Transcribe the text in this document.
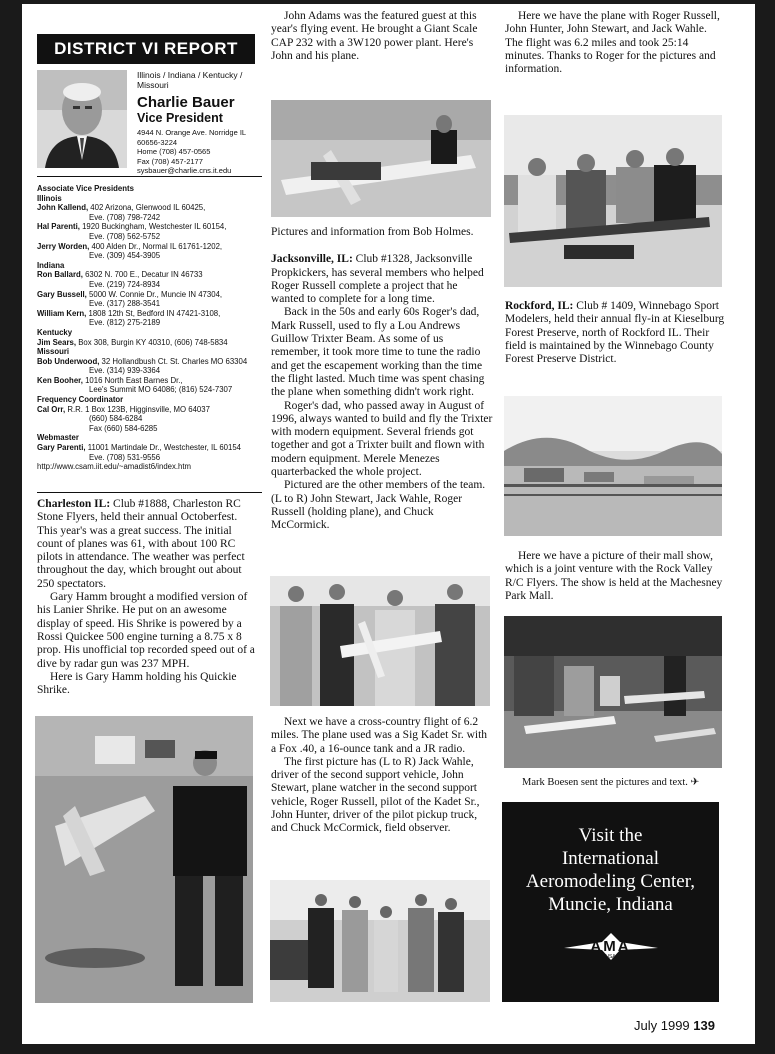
DISTRICT VI REPORT
Illinois / Indiana / Kentucky / Missouri
Charlie Bauer
Vice President
4944 N. Orange Ave. Norridge IL
60656-3224
Home (708) 457-0565
Fax (708) 457-2177
sysbauer@charlie.cns.it.edu
Associate Vice Presidents
Illinois
John Kallend, 402 Arizona, Glenwood IL 60425,
Eve. (708) 798-7242
Hal Parenti, 1920 Buckingham, Westchester IL 60154,
Eve. (708) 562-5752
Jerry Worden, 400 Alden Dr., Normal IL 61761-1202,
Eve. (309) 454-3905
Indiana
Ron Ballard, 6302 N. 700 E., Decatur IN 46733
Eve. (219) 724-8934
Gary Bussell, 5000 W. Connie Dr., Muncie IN 47304,
Eve. (317) 288-3541
William Kern, 1808 12th St, Bedford IN 47421-3108,
Eve. (812) 275-2189
Kentucky
Jim Sears, Box 308, Burgin KY 40310, (606) 748-5834
Missouri
Bob Underwood, 32 Hollandbush Ct. St. Charles MO 63304
Eve. (314) 939-3364
Ken Booher, 1016 North East Barnes Dr.,
Lee's Summit MO 64086; (816) 524-7307
Frequency Coordinator
Cal Orr, R.R. 1 Box 123B, Higginsville, MO 64037
(660) 584-6284
Fax (660) 584-6285
Webmaster
Gary Parenti, 11001 Martindale Dr., Westchester, IL 60154
Eve. (708) 531-9556
http://www.csam.iit.edu/~amadist6/index.htm

Charleston IL: Club #1888, Charleston RC Stone Flyers, held their annual Octoberfest. This year's was a great success. The initial count of planes was 61, with about 100 RC pilots in attendance. The weather was perfect throughout the day, which brought out about 250 spectators.

Gary Hamm brought a modified version of his Lanier Shrike. He put on an awesome display of speed. His Shrike is powered by a Rossi Quickee 500 engine turning a 8.75 x 8 prop. His unofficial top recorded speed out of a dive by radar gun was 237 MPH.

Here is Gary Hamm holding his Quickie Shrike.

John Adams was the featured guest at this year's flying event. He brought a Giant Scale CAP 232 with a 3W120 power plant. Here's John and his plane.

Pictures and information from Bob Holmes.

Jacksonville, IL: Club #1328, Jacksonville Propkickers, has several members who helped Roger Russell complete a project that he wanted to complete for a long time.

Back in the 50s and early 60s Roger's dad, Mark Russell, used to fly a Lou Andrews Guillow Trixter Beam. As some of us remember, it took more time to tune the radio and get the escapement working than the time the flight lasted. Much time was spent chasing the plane when something didn't work right.

Roger's dad, who passed away in August of 1996, always wanted to build and fly the Trixter with modern equipment. Several friends got together and got a Trixter built and flown with modern equipment. Merele Menezes quarterbacked the whole project.

Pictured are the other members of the team. (L to R) John Stewart, Jack Wahle, Roger Russell (holding plane), and Chuck McCormick.

Next we have a cross-country flight of 6.2 miles. The plane used was a Sig Kadet Sr. with a Fox .40, a 16-ounce tank and a JR radio.

The first picture has (L to R) Jack Wahle, driver of the second support vehicle, John Stewart, plane watcher in the second support vehicle, Roger Russell, pilot of the Kadet Sr., John Hunter, driver of the pilot pickup truck, and Chuck McCormick, field observer.

Here we have the plane with Roger Russell, John Hunter, John Stewart, and Jack Wahle. The flight was 6.2 miles and took 25:14 minutes. Thanks to Roger for the pictures and information.

Rockford, IL: Club # 1409, Winnebago Sport Modelers, held their annual fly-in at Kieselburg Forest Preserve, north of Rockford IL. Their field is maintained by the Winnebago County Forest Preserve District.

Here we have a picture of their mall show, which is a joint venture with the Rock Valley R/C Flyers. The show is held at the Machesney Park Mall.

Mark Boesen sent the pictures and text. ✈
Visit the
International
Aeromodeling Center,
Muncie, Indiana
AMA
USA
July 1999 139
